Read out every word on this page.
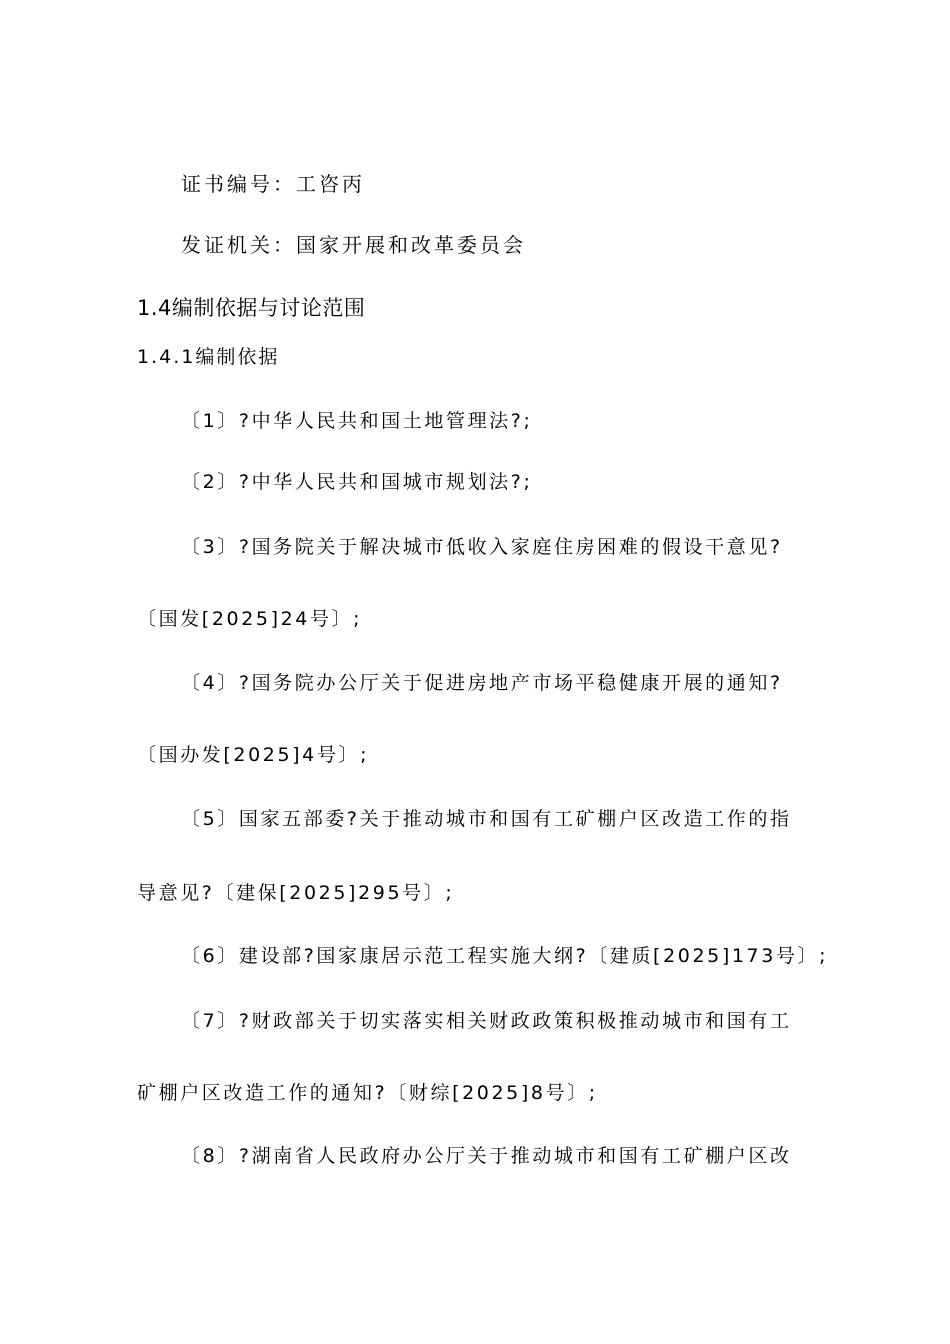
证书编号：工咨丙
发证机关：国家开展和改革委员会
1.4编制依据与讨论范围
1.4.1编制依据
〔1〕?中华人民共和国土地管理法?;
〔2〕?中华人民共和国城市规划法?;
〔3〕?国务院关于解决城市低收入家庭住房困难的假设干意见?
〔国发[2025]24号〕;
〔4〕?国务院办公厅关于促进房地产市场平稳健康开展的通知?
〔国办发[2025]4号〕;
〔5〕国家五部委?关于推动城市和国有工矿棚户区改造工作的指
导意见?〔建保[2025]295号〕;
〔6〕建设部?国家康居示范工程实施大纲?〔建质[2025]173号〕;
〔7〕?财政部关于切实落实相关财政政策积极推动城市和国有工
矿棚户区改造工作的通知?〔财综[2025]8号〕;
〔8〕?湖南省人民政府办公厅关于推动城市和国有工矿棚户区改
